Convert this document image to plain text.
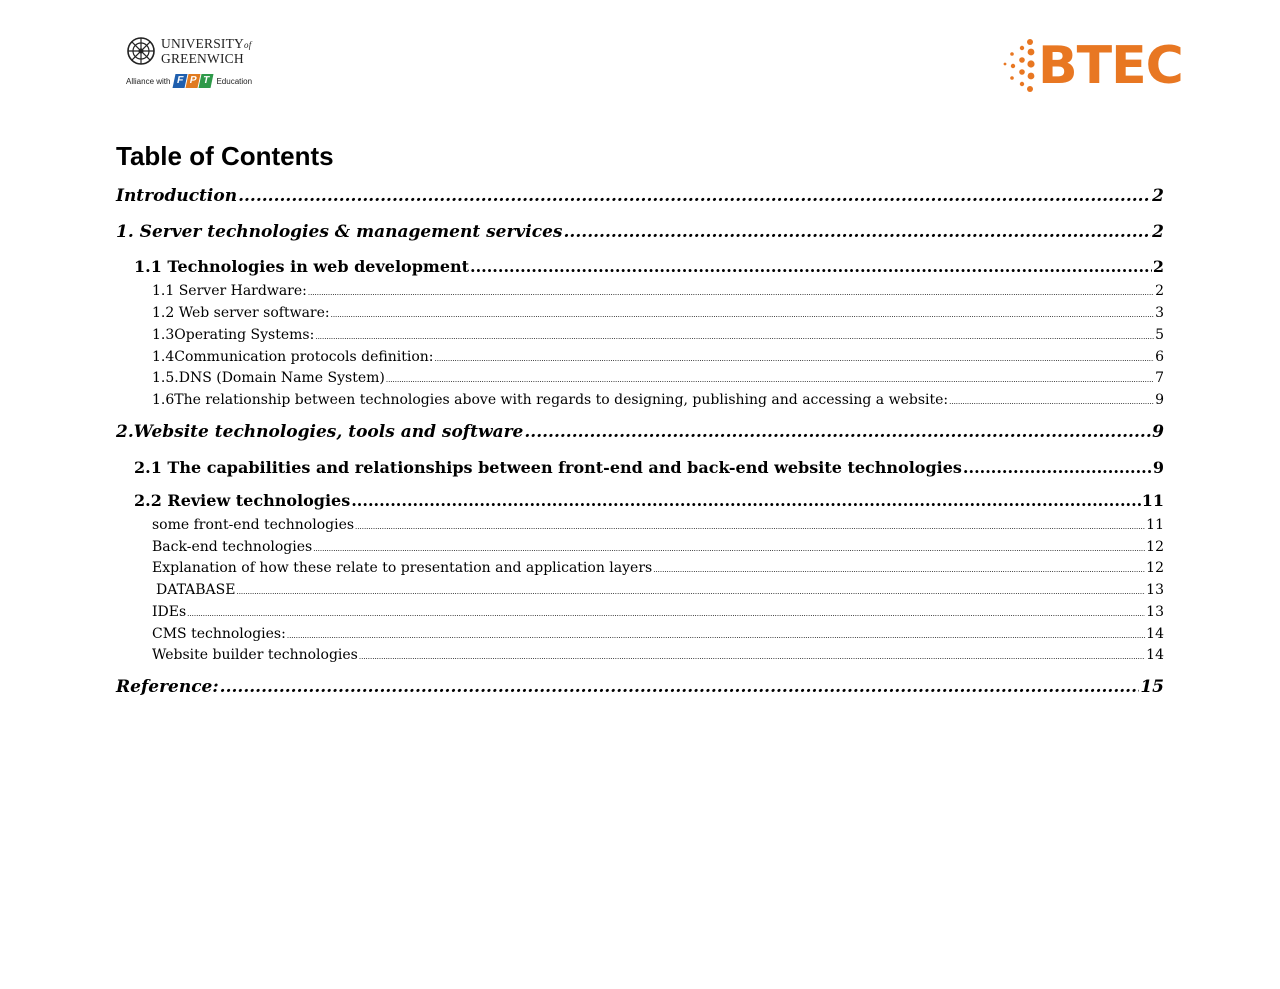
UNIVERSITYof
GREENWICH
Alliance with F P T Education	BTEC
Table of Contents
Introduction .....	2
1. Server technologies & management services .....	2
1.1 Technologies in web development .....	2
1.1 Server Hardware: .....	2
1.2 Web server software: .....	3
1.3Operating Systems: .....	5
1.4Communication protocols definition: .....	6
1.5.DNS (Domain Name System) .....	7
1.6The relationship between technologies above with regards to designing, publishing and accessing a website: .....	9
2.Website technologies, tools and software .....	9
2.1 The capabilities and relationships between front-end and back-end website technologies .....	9
2.2 Review technologies .....	11
some front-end technologies .....	11
Back-end technologies .....	12
Explanation of how these relate to presentation and application layers .....	12
DATABASE .....	13
IDEs .....	13
CMS technologies: .....	14
Website builder technologies .....	14
Reference: .....	15
